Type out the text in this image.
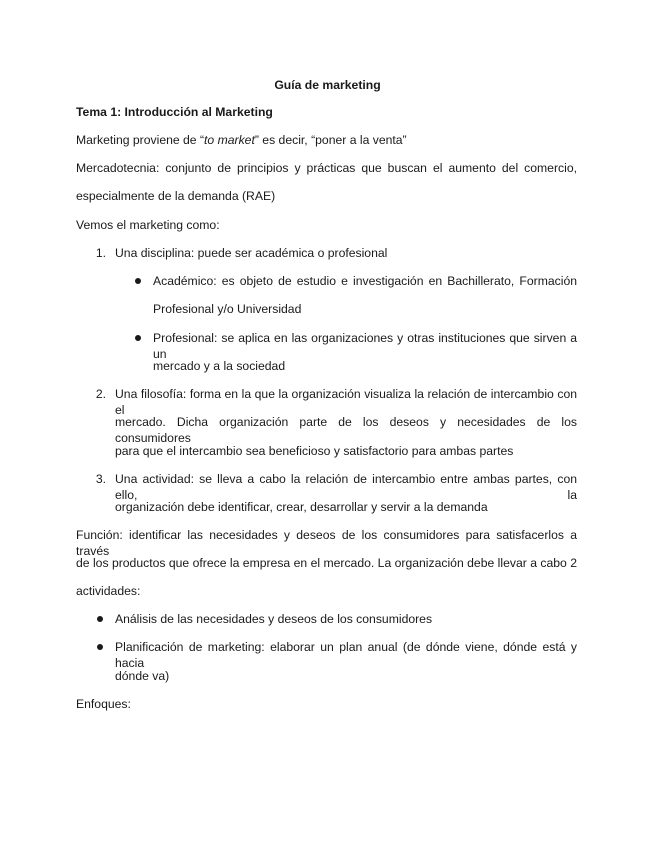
Guía de marketing
Tema 1: Introducción al Marketing
Marketing proviene de “to market” es decir, “poner a la venta”
Mercadotecnia: conjunto de principios y prácticas que buscan el aumento del comercio,
especialmente de la demanda (RAE)
Vemos el marketing como:
1. Una disciplina: puede ser académica o profesional
Académico: es objeto de estudio e investigación en Bachillerato, Formación
Profesional y/o Universidad
Profesional: se aplica en las organizaciones y otras instituciones que sirven a un
mercado y a la sociedad
2. Una filosofía: forma en la que la organización visualiza la relación de intercambio con el
mercado. Dicha organización parte de los deseos y necesidades de los consumidores
para que el intercambio sea beneficioso y satisfactorio para ambas partes
3. Una actividad: se lleva a cabo la relación de intercambio entre ambas partes, con ello, la
organización debe identificar, crear, desarrollar y servir a la demanda
Función: identificar las necesidades y deseos de los consumidores para satisfacerlos a través
de los productos que ofrece la empresa en el mercado. La organización debe llevar a cabo 2
actividades:
Análisis de las necesidades y deseos de los consumidores
Planificación de marketing: elaborar un plan anual (de dónde viene, dónde está y hacia
dónde va)
Enfoques:
